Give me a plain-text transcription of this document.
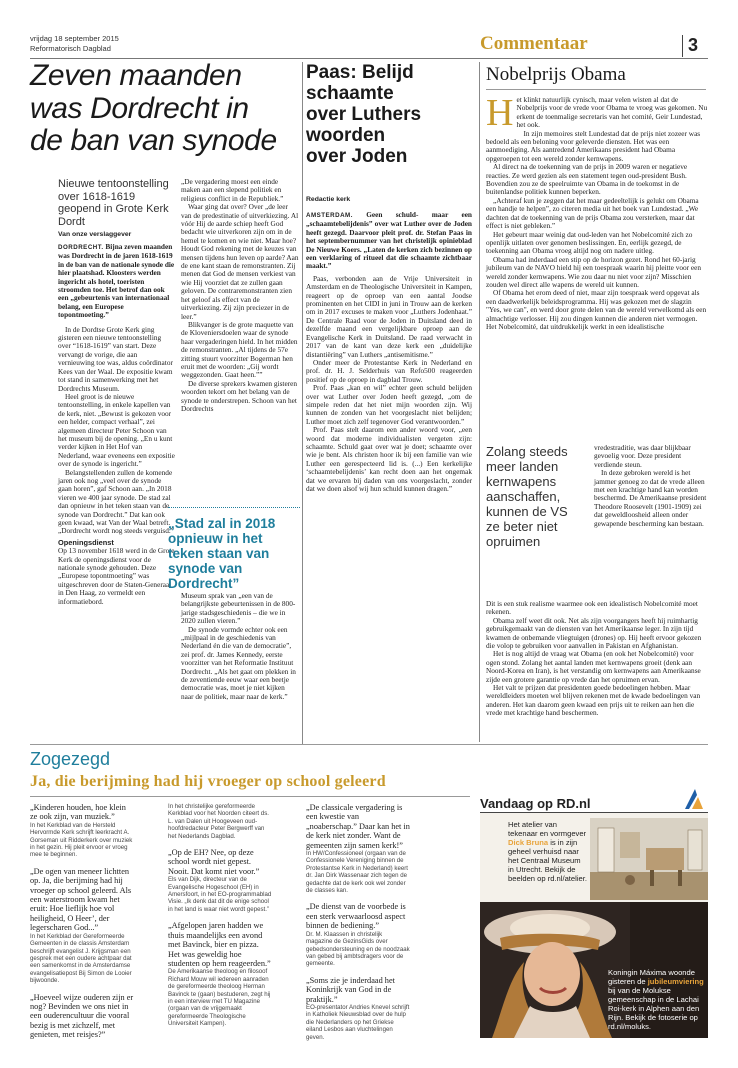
vrijdag 18 september 2015
Reformatorisch Dagblad	Commentaar	3
Zeven maanden
was Dordrecht in
de ban van synode
Nieuwe tentoonstelling over 1618-1619 geopend in Grote Kerk Dordt
Van onze verslaggever
DORDRECHT. Bijna zeven maanden was Dordrecht in de jaren 1618-1619 in de ban van de nationale synode die hier plaatshad. Kloosters werden ingericht als hotel, toeristen stroomden toe. Het betrof dan ook een „gebeurtenis van internationaal belang, een Europese topontmoeting.”
In de Dordtse Grote Kerk ging gisteren een nieuwe tentoonstelling over “1618-1619” van start. Deze vervangt de vorige, die aan vernieuwing toe was, aldus coördinator Kees van der Waal. De expositie kwam tot stand in samenwerking met het Dordrechts Museum.
Heel groot is de nieuwe tentoonstelling, in enkele kapellen van de kerk, niet. „Bewust is gekozen voor een helder, compact verhaal”, zei algemeen directeur Peter Schoon van het museum bij de opening. „En u kunt verder kijken in Het Hof van Nederland, waar eveneens een expositie over de synode is ingericht.”
Belangstellenden zullen de komende jaren ook nog „veel over de synode gaan horen”, gaf Schoon aan. „In 2018 vieren we 400 jaar synode. De stad zal dan opnieuw in het teken staan van de synode van Dordrecht.” Dat kan ook geen kwaad, wat Van der Waal betreft. „Dordrecht wordt nog steeds verguisd.”
Openingsdienst
Op 13 november 1618 werd in de Grote Kerk de openingsdienst voor de nationale synode gehouden. Deze „Europese topontmoeting” was uitgeschreven door de Staten-Generaal in Den Haag, zo vermeldt een informatiebord.
„De vergadering moest een einde maken aan een slepend politiek en religieus conflict in de Republiek.”
Waar ging dat over? Over „de leer van de predestinatie of uitverkiezing. Al vóór Hij de aarde schiep heeft God bedacht wie uitverkoren zijn om in de hemel te komen en wie niet. Maar hoe? Houdt God rekening met de keuzes van mensen tijdens hun leven op aarde? Aan de ene kant staan de remonstranten. Zij menen dat God de mensen verkiest van wie Hij voorziet dat ze zullen gaan geloven. De contraremonstranten zien het geloof als effect van de uitverkiezing. Zij zijn preciezer in de leer.”
Blikvanger is de grote maquette van de Kloveniersdoelen waar de synode haar vergaderingen hield. In het midden de remonstranten. „Al tijdens de 57e zitting stuurt voorzitter Bogerman hen eruit met de woorden: „Gij wordt weggezonden. Gaat heen.””
De diverse sprekers kwamen gisteren woorden tekort om het belang van de synode te onderstrepen. Schoon van het Dordrechts
„Stad zal in 2018 opnieuw in het teken staan van synode van Dordrecht”
Museum sprak van „een van de belangrijkste gebeurtenissen in de 800-jarige stadsgeschiedenis – die we in 2020 zullen vieren.”
De synode vormde echter ook een „mijlpaal in de geschiedenis van Nederland én die van de democratie”, zei prof. dr. James Kennedy, eerste voorzitter van het Reformatie Instituut Dordrecht. „Als het gaat om plekken in de zeventiende eeuw waar een beetje democratie was, moet je niet kijken naar de politiek, maar naar de kerk.”
Paas: Belijd
schaamte
over Luthers
woorden
over Joden
Redactie kerk
AMSTERDAM. Geen schuld- maar een „schaamtebelijdenis” over wat Luther over de Joden heeft gezegd. Daarvoor pleit prof. dr. Stefan Paas in het septembernummer van het christelijk opinieblad De Nieuwe Koers. „Laten de kerken zich bezinnen op een verklaring of ritueel dat die schaamte zichtbaar maakt.”
Paas, verbonden aan de Vrije Universiteit in Amsterdam en de Theologische Universiteit in Kampen, reageert op de oproep van een aantal Joodse prominenten en het CIDI in juni in Trouw aan de kerken om in 2017 excuses te maken voor „Luthers Jodenhaat.” De Centrale Raad voor de Joden in Duitsland deed in dezelfde maand een vergelijkbare oproep aan de Evangelische Kerk in Duitsland. De raad verwacht in 2017 van de kant van deze kerk een „duidelijke distantiëring” van Luthers „antisemitisme.”
Onder meer de Protestantse Kerk in Nederland en prof. dr. H. J. Selderhuis van Refo500 reageerden positief op de oproep in dagblad Trouw.
Prof. Paas „kan en wil” echter geen schuld belijden over wat Luther over Joden heeft gezegd, „om de simpele reden dat het niet mijn woorden zijn. Wij kunnen de zonden van het voorgeslacht niet belijden; Luther moet zich zelf tegenover God verantwoorden.”
Prof. Paas stelt daarom een ander woord voor, „een woord dat moderne individualisten vergeten zijn: schaamte. Schuld gaat over wat je doet; schaamte over wie je bent. Als christen hoor ik bij een familie van wie Luther een gerespecteerd lid is. (...) Een kerkelijke ‘schaamtebelijdenis’ kan recht doen aan het ongemak dat we ervaren bij daden van ons voorgeslacht, zonder dat we doen alsof wij hun schuld kunnen dragen.”
Nobelprijs Obama
Het klinkt natuurlijk cynisch, maar velen wisten al dat de Nobelprijs voor de vrede voor Obama te vroeg was gekomen. Nu erkent de toenmalige secretaris van het comité, Geir Lundestad, het ook.
In zijn memoires stelt Lundestad dat de prijs niet zozeer was bedoeld als een beloning voor geleverde diensten. Het was een aanmoediging. Als aantredend Amerikaans president had Obama opgeroepen tot een wereld zonder kernwapens.
Al direct na de toekenning van de prijs in 2009 waren er negatieve reacties. Ze werd gezien als een statement tegen oud-president Bush. Bovendien zou ze de speelruimte van Obama in de toekomst in de buitenlandse politiek kunnen beperken.
„Achteraf kun je zeggen dat het maar gedeeltelijk is gelukt om Obama een handje te helpen”, zo citeren media uit het boek van Lundestad. „We dachten dat de toekenning van de prijs Obama zou versterken, maar dat effect is niet gebleken.”
Het gebeurt maar weinig dat oud-leden van het Nobelcomité zich zo openlijk uitlaten over genomen beslissingen. En, eerlijk gezegd, de toekenning aan Obama vroeg altijd nog om nadere uitleg.
Obama had inderdaad een stip op de horizon gezet. Rond het 60-jarig jubileum van de NAVO hield hij een toespraak waarin hij pleitte voor een wereld zonder kernwapens. Wie zou daar nu niet voor zijn? Misschien zouden wel direct alle wapens de wereld uit kunnen.
Of Obama het erom deed of niet, maar zijn toespraak werd opgevat als een daadwerkelijk beleidsprogramma. Hij was gekozen met de slagzin "Yes, we can", en werd door grote delen van de wereld verwelkomd als een almachtige verlosser. Hij zou dingen kunnen die anderen niet vermogen. Het Nobelcomité, dat uitdrukkelijk werkt in een idealistische
Zolang steeds meer landen kernwapens aanschaffen, kunnen de VS ze beter niet opruimen
vredestraditie, was daar blijkbaar gevoelig voor. Deze president verdiende steun.
In deze gebroken wereld is het jammer genoeg zo dat de vrede alleen met een krachtige hand kan worden beschermd. De Amerikaanse president Theodore Roosevelt (1901-1909) zei dat geweldloosheid alleen onder gewapende bescherming kan bestaan.
Dit is een stuk realisme waarmee ook een idealistisch Nobelcomité moet rekenen.
Obama zelf weet dit ook. Net als zijn voorgangers heeft hij ruimhartig gebruikgemaakt van de diensten van het Amerikaanse leger. In zijn tijd kwamen de onbemande vliegtuigen (drones) op. Hij heeft ervoor gekozen die volop te gebruiken voor aanvallen in Pakistan en Afghanistan.
Het is nog altijd de vraag wat Obama (en ook het Nobelcomité) voor ogen stond. Zolang het aantal landen met kernwapens groeit (denk aan Noord-Korea en Iran), is het verstandig om kernwapens aan Amerikaanse zijde een grotere garantie op vrede dan het opruimen ervan.
Het valt te prijzen dat presidenten goede bedoelingen hebben. Maar wereldleiders moeten wel blijven rekenen met de kwade bedoelingen van anderen. Het kan daarom geen kwaad een prijs uit te reiken aan hen die vrede met krachtige hand beschermen.
Zogezegd
Ja, die berijming had hij vroeger op school geleerd
„Kinderen houden, hoe klein ze ook zijn, van muziek.”
In het Kerkblad van de Hersteld Hervormde Kerk schrijft leerkracht A. Gorseman uit Ridderkerk over muziek in het gezin. Hij pleit ervoor er vroeg mee te beginnen.
„De ogen van meneer lichtten op. Ja, die berijming had hij vroeger op school geleerd. Als een waterstroom kwam het eruit: Hoe lieflijk hoe vol heiligheid, O Heer’, der legerscharen God...”
In het Kerkblad der Gereformeerde Gemeenten in de classis Amsterdam beschrijft evangelist J. Krijgsman een gesprek met een oudere achtpaar dat een samenkomst in de Amsterdamse evangelisatiepost Bij Simon de Looier bijwoonde.
„Hoeveel wijze ouderen zijn er nog? Bevinden we ons niet in een ouderencultuur die vooral bezig is met zichzelf, met genieten, met reisjes?”
In het christelijke gereformeerde Kerkblad voor het Noorden citeert ds. L. van Dalen uit Hoogeveen oud-hoofdredacteur Peter Bergwerff van het Nederlands Dagblad.
„Op de EH? Nee, op deze school wordt niet gepest. Nooit. Dat komt niet voor.”
Els van Dijk, directeur van de Evangelische Hogeschool (EH) in Amersfoort, in het EO-programmablad Visie. „Ik denk dat dit de enige school in het land is waar niet wordt gepest.”
„Afgelopen jaren hadden we thuis maandelijks een avond met Bavinck, bier en pizza. Het was geweldig hoe studenten op hem reageerden.”
De Amerikaanse theoloog en filosoof Richard Mouw wil iedereen aanraden de gereformeerde theoloog Herman Bavinck te (gaan) bestuderen, zegt hij in een interview met TU Magazine (orgaan van de vrijgemaakt gereformeerde Theologische Universiteit Kampen).
„De classicale vergadering is een kwestie van „noaberschap.” Daar kan het in de kerk niet zonder. Want de gemeenten zijn samen kerk!”
In HW/Confessioneel (orgaan van de Confessionele Vereniging binnen de Protestantse Kerk in Nederland) keert dr. Jan Dirk Wassenaar zich tegen de gedachte dat de kerk ook wel zonder de classes kan.
„De dienst van de voorbede is een sterk verwaarloosd aspect binnen de bediening.”
Dr. M. Klaassen in christelijk magazine de GezinsGids over gebedsondersteuning en de noodzaak van gebed bij ambtsdragers voor de gemeente.
„Soms zie je inderdaad het Koninkrijk van God in de praktijk.”
EO-presentator Andries Knevel schrijft in Katholiek Nieuwsblad over de hulp die Nederlanders op het Griekse eiland Lesbos aan vluchtelingen geven.
Vandaag op RD.nl
Het atelier van tekenaar en vormgever Dick Bruna is in zijn geheel verhuisd naar het Centraal Museum in Utrecht. Bekijk de beelden op rd.nl/atelier.
Koningin Máxima woonde gisteren de jubileumviering bij van de Molukse gemeenschap in de Lachai Roi-kerk in Alphen aan den Rijn. Bekijk de fotoserie op rd.nl/moluks.
